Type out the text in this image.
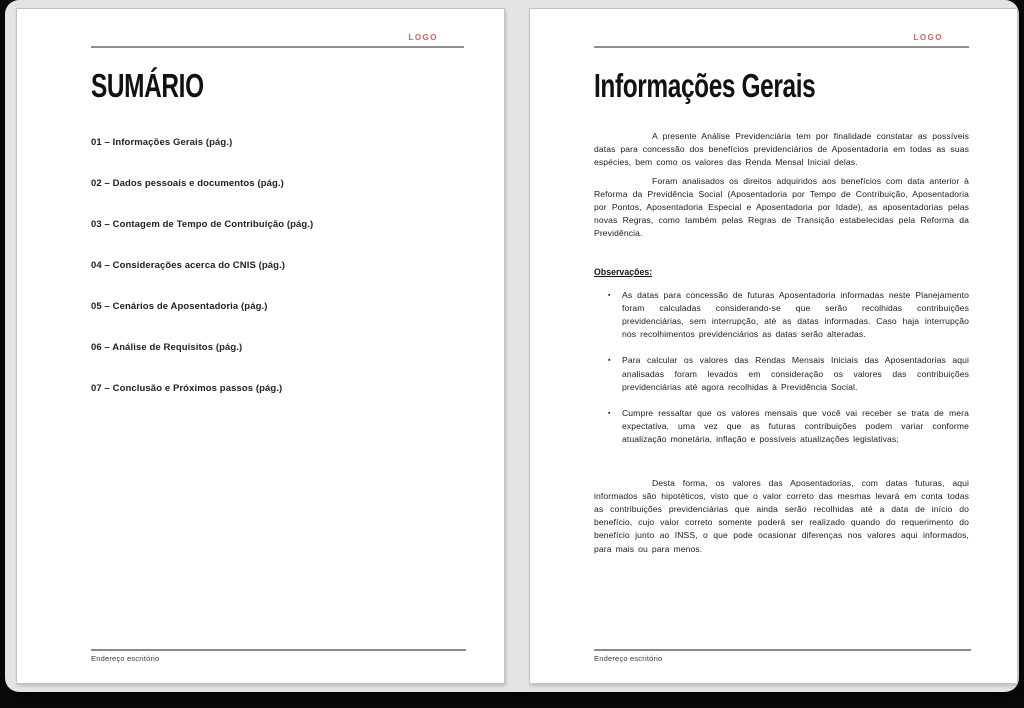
LOGO
SUMÁRIO
01 – Informações Gerais (pág.)
02 – Dados pessoais e documentos (pág.)
03 – Contagem de Tempo de Contribuição (pág.)
04 – Considerações acerca do CNIS (pág.)
05 – Cenários de Aposentadoria (pág.)
06 – Análise de Requisitos (pág.)
07 – Conclusão e Próximos passos (pág.)
Endereço escritório
LOGO
Informações Gerais

A presente Análise Previdenciária tem por finalidade constatar as possíveis datas para concessão dos benefícios previdenciários de Aposentadoria em todas as suas espécies, bem como os valores das Renda Mensal Inicial delas.

Foram analisados os direitos adquiridos aos benefícios com data anterior à Reforma da Previdência Social (Aposentadoria por Tempo de Contribuição, Aposentadoria por Pontos, Aposentadoria Especial e Aposentadoria por Idade), as aposentadorias pelas novas Regras, como também pelas Regras de Transição estabelecidas pela Reforma da Previdência.

Observações:
▪	As datas para concessão de futuras Aposentadoria informadas neste Planejamento foram calculadas considerando-se que serão recolhidas contribuições previdenciárias, sem interrupção, até as datas informadas. Caso haja interrupção nos recolhimentos previdenciários as datas serão alteradas.
▪	Para calcular os valores das Rendas Mensais Iniciais das Aposentadorias aqui analisadas foram levados em consideração os valores das contribuições previdenciárias até agora recolhidas à Previdência Social.
▪	Cumpre ressaltar que os valores mensais que você vai receber se trata de mera expectativa, uma vez que as futuras contribuições podem variar conforme atualização monetária, inflação e possíveis atualizações legislativas;

Desta forma, os valores das Aposentadorias, com datas futuras, aqui informados são hipotéticos, visto que o valor correto das mesmas levará em conta todas as contribuições previdenciárias que ainda serão recolhidas até a data de início do benefício, cujo valor correto somente poderá ser realizado quando do requerimento do benefício junto ao INSS, o que pode ocasionar diferenças nos valores aqui informados, para mais ou para menos.

Endereço escritório
